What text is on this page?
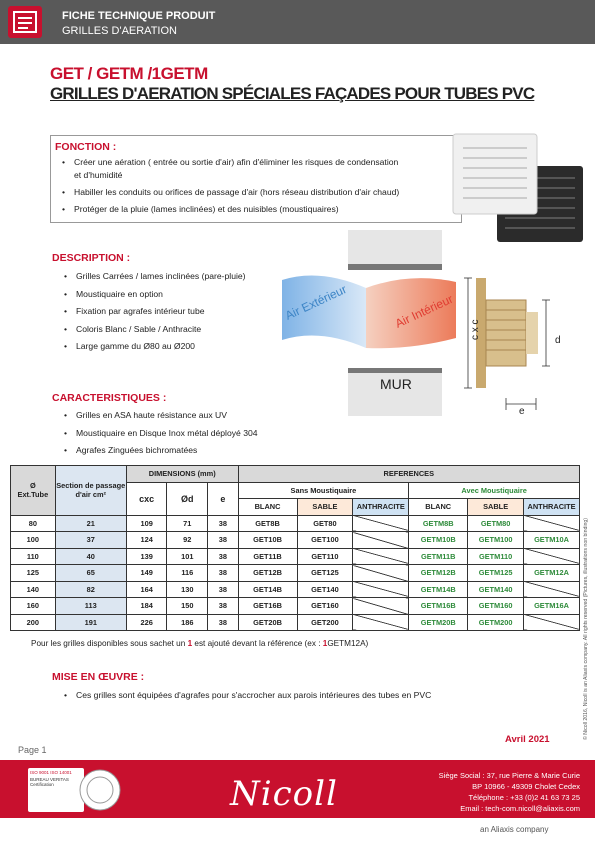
FICHE TECHNIQUE PRODUIT
GRILLES D'AERATION
GET / GETM /1GETM
GRILLES D'AERATION SPÉCIALES FAÇADES POUR TUBES PVC
FONCTION :
• Créer une aération ( entrée ou sortie d'air) afin d'éliminer les risques de condensation et d'humidité
• Habiller les conduits ou orifices de passage d'air (hors réseau distribution d'air chaud)
• Protéger de la pluie (lames inclinées) et des nuisibles (moustiquaires)
DESCRIPTION :
• Grilles Carrées / lames inclinées (pare-pluie)
• Moustiquaire en option
• Fixation par agrafes intérieur tube
• Coloris Blanc / Sable / Anthracite
• Large gamme du Ø80 au Ø200
Air Extérieur	Air Intérieur
MUR
c x c
d
e
CARACTERISTIQUES :
• Grilles en ASA haute résistance aux UV
• Moustiquaire en Disque Inox métal déployé 304
• Agrafes Zinguées bichromatées
Ø
Ext.Tube	Section de passage d'air cm²	DIMENSIONS (mm)			REFERENCES					
		cxc	Ød	e	Sans Moustiquaire			Avec Moustiquaire		
					BLANC	SABLE	ANTHRACITE	BLANC	SABLE	ANTHRACITE
80	21	109	71	38	GET8B	GET80		GETM8B	GETM80	
100	37	124	92	38	GET10B	GET100		GETM10B	GETM100	GETM10A
110	40	139	101	38	GET11B	GET110		GETM11B	GETM110	
125	65	149	116	38	GET12B	GET125		GETM12B	GETM125	GETM12A
140	82	164	130	38	GET14B	GET140		GETM14B	GETM140	
160	113	184	150	38	GET16B	GET160		GETM16B	GETM160	GETM16A
200	191	226	186	38	GET20B	GET200		GETM20B	GETM200	
Pour les grilles disponibles sous sachet un 1 est ajouté devant la référence (ex : 1GETM12A)
MISE EN ŒUVRE :
• Ces grilles sont équipées d'agrafes pour s'accrocher aux parois intérieures des tubes en PVC
Page 1
Avril 2021	© Nicoll 2016, Nicoll is an Aliaxis company. All rights reserved (Pictures, illustrations non binding)
ISO 9001 ISO 14001
BUREAU VERITAS Certification	Nicoll	Siège Social : 37, rue Pierre & Marie Curie
BP 10966 - 49309 Cholet Cedex
Téléphone : +33 (0)2 41 63 73 25
Email : tech-com.nicoll@aliaxis.com
an Aliaxis company
